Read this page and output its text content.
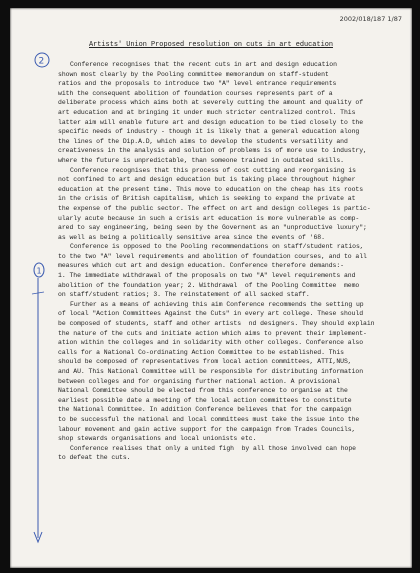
2002/018/187 1/87
Artists' Union Proposed resolution on cuts in art education
2
1
Conference recognises that the recent cuts in art and design education
shown most clearly by the Pooling committee memorandum on staff-student
ratios and the proposals to introduce two "A" level entrance requirements
with the consequent abolition of foundation courses represents part of a
deliberate process which aims both at severely cutting the amount and quality of
art education and at bringing it under much stricter centralized control. This
latter aim will enable future art and design education to be tied closely to the
specific needs of industry - though it is likely that a general education along
the lines of the Dip.A.D, which aims to develop the students versatility and
creativeness in the analysis and solution of problems is of more use to industry,
where the future is unpredictable, than someone trained in outdated skills.
Conference recognises that this process of cost cutting and reorganising is
not confined to art and design education but is taking place throughout higher
education at the present time. This move to education on the cheap has its roots
in the crisis of British capitalism, which is seeking to expand the private at
the expense of the public sector. The effect on art and design colleges is partic-
ularly acute because in such a crisis art education is more vulnerable as comp-
ared to say engineering, being seen by the Governent as an "unproductive luxury";
as well as being a politically sensitive area since the events of '68.
Conference is opposed to the Pooling recommendations on staff/student ratios,
to the two "A" level requirements and abolition of foundation courses, and to all
measures which cut art and design education. Conference therefore demands:-
1. The immediate withdrawal of the proposals on two "A" level requirements and
abolition of the foundation year; 2. Withdrawal  of the Pooling Committee  memo
on staff/student ratios; 3. The reinstatement of all sacked staff.
Further as a means of achieving this aim Conference recommends the setting up
of local "Action Committees Against the Cuts" in every art college. These should
be composed of students, staff and other artists  nd designers. They should explain
the nature of the cuts and initiate action which aims to prevent their implement-
ation within the colleges and in solidarity with other colleges. Conference also
calls for a National Co-ordinating Action Committee to be established. This
should be composed of representatives from local action committees, ATTI,NUS,
and AU. This National Committee will be responsible for distributing information
between colleges and for organising further national action. A provisional
National Committee should be elected from this conference to organise at the
earliest possible date a meeting of the local action committees to constitute
the National Committee. In addition Conference believes that for the campaign
to be successful the national and local committees must take the issue into the
labour movement and gain active support for the campaign from Trades Councils,
shop stewards organisations and local unionists etc.
Conference realises that only a united figh  by all those involved can hope
to defeat the cuts.
